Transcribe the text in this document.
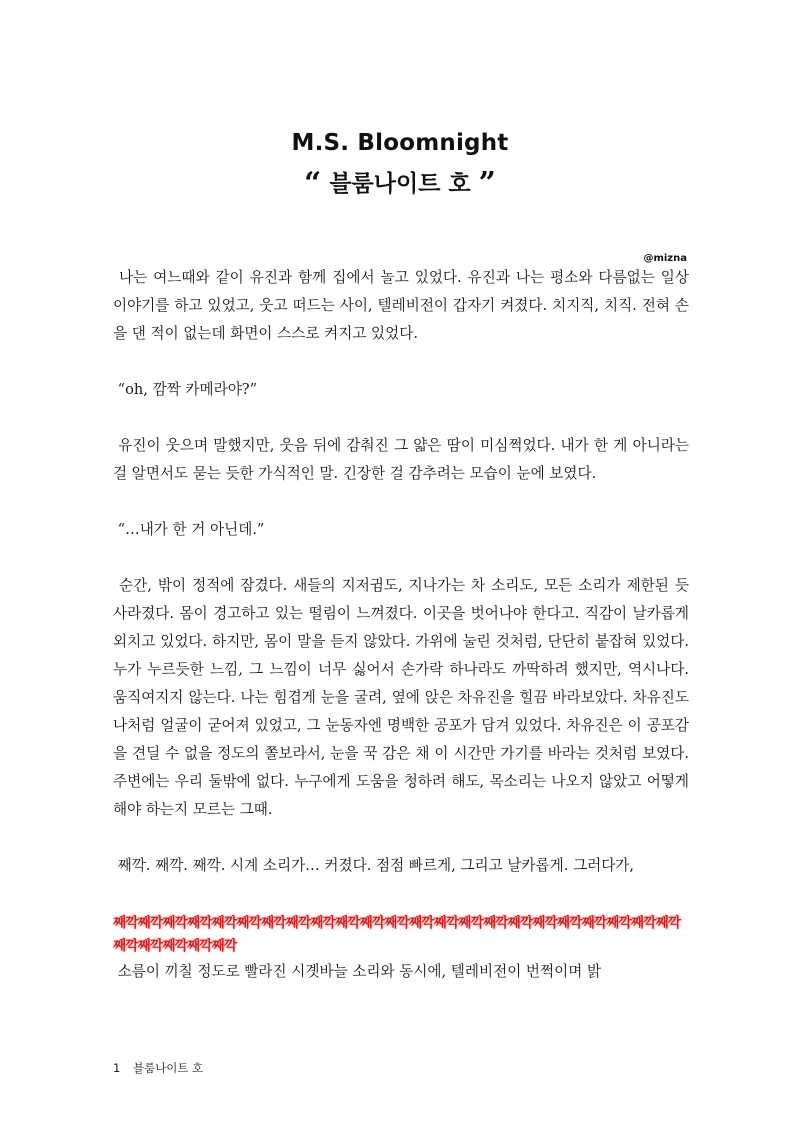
M.S. Bloomnight
“ 블룸나이트 호 ”
@mizna

나는 여느때와 같이 유진과 함께 집에서 놀고 있었다. 유진과 나는 평소와 다름없는 일상 이야기를 하고 있었고, 웃고 떠드는 사이, 텔레비전이 갑자기 켜졌다. 치지직, 치직. 전혀 손을 댄 적이 없는데 화면이 스스로 켜지고 있었다.

“oh, 깜짝 카메라야?”

유진이 웃으며 말했지만, 웃음 뒤에 감춰진 그 얇은 땀이 미심쩍었다. 내가 한 게 아니라는 걸 알면서도 묻는 듯한 가식적인 말. 긴장한 걸 감추려는 모습이 눈에 보였다.

“…내가 한 거 아닌데.”

순간, 밖이 정적에 잠겼다. 새들의 지저귐도, 지나가는 차 소리도, 모든 소리가 제한된 듯 사라졌다. 몸이 경고하고 있는 떨림이 느껴졌다. 이곳을 벗어나야 한다고. 직감이 날카롭게 외치고 있었다. 하지만, 몸이 말을 듣지 않았다. 가위에 눌린 것처럼, 단단히 붙잡혀 있었다. 누가 누르듯한 느낌, 그 느낌이 너무 싫어서 손가락 하나라도 까딱하려 했지만, 역시나다. 움직여지지 않는다. 나는 힘겹게 눈을 굴려, 옆에 앉은 차유진을 힐끔 바라보았다. 차유진도 나처럼 얼굴이 굳어져 있었고, 그 눈동자엔 명백한 공포가 담겨 있었다. 차유진은 이 공포감을 견딜 수 없을 정도의 쫄보라서, 눈을 꾹 감은 채 이 시간만 가기를 바라는 것처럼 보였다. 주변에는 우리 둘밖에 없다. 누구에게 도움을 청하려 해도, 목소리는 나오지 않았고 어떻게 해야 하는지 모르는 그때.

째깍. 째깍. 째깍. 시계 소리가… 커졌다. 점점 빠르게, 그리고 날카롭게. 그러다가,

째깍째깍째깍째깍째깍째깍째깍째깍째깍째깍째깍째깍째깍째깍째깍째깍째깍째깍째깍째깍째깍째깍째깍째깍째깍째깍째깍째깍

소름이 끼칠 정도로 빨라진 시곗바늘 소리와 동시에, 텔레비전이 번쩍이며 밝

1 블룸나이트 호
